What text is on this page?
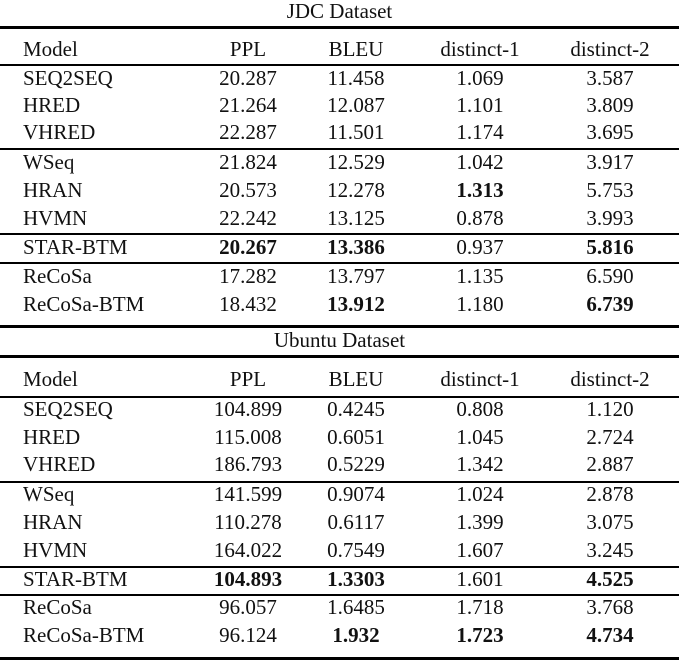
JDC Dataset
Model	PPL	BLEU	distinct-1	distinct-2
SEQ2SEQ	20.287	11.458	1.069	3.587
HRED	21.264	12.087	1.101	3.809
VHRED	22.287	11.501	1.174	3.695
WSeq	21.824	12.529	1.042	3.917
HRAN	20.573	12.278	1.313	5.753
HVMN	22.242	13.125	0.878	3.993
STAR-BTM	20.267	13.386	0.937	5.816
ReCoSa	17.282	13.797	1.135	6.590
ReCoSa-BTM	18.432	13.912	1.180	6.739
Ubuntu Dataset
Model	PPL	BLEU	distinct-1	distinct-2
SEQ2SEQ	104.899	0.4245	0.808	1.120
HRED	115.008	0.6051	1.045	2.724
VHRED	186.793	0.5229	1.342	2.887
WSeq	141.599	0.9074	1.024	2.878
HRAN	110.278	0.6117	1.399	3.075
HVMN	164.022	0.7549	1.607	3.245
STAR-BTM	104.893	1.3303	1.601	4.525
ReCoSa	96.057	1.6485	1.718	3.768
ReCoSa-BTM	96.124	1.932	1.723	4.734
